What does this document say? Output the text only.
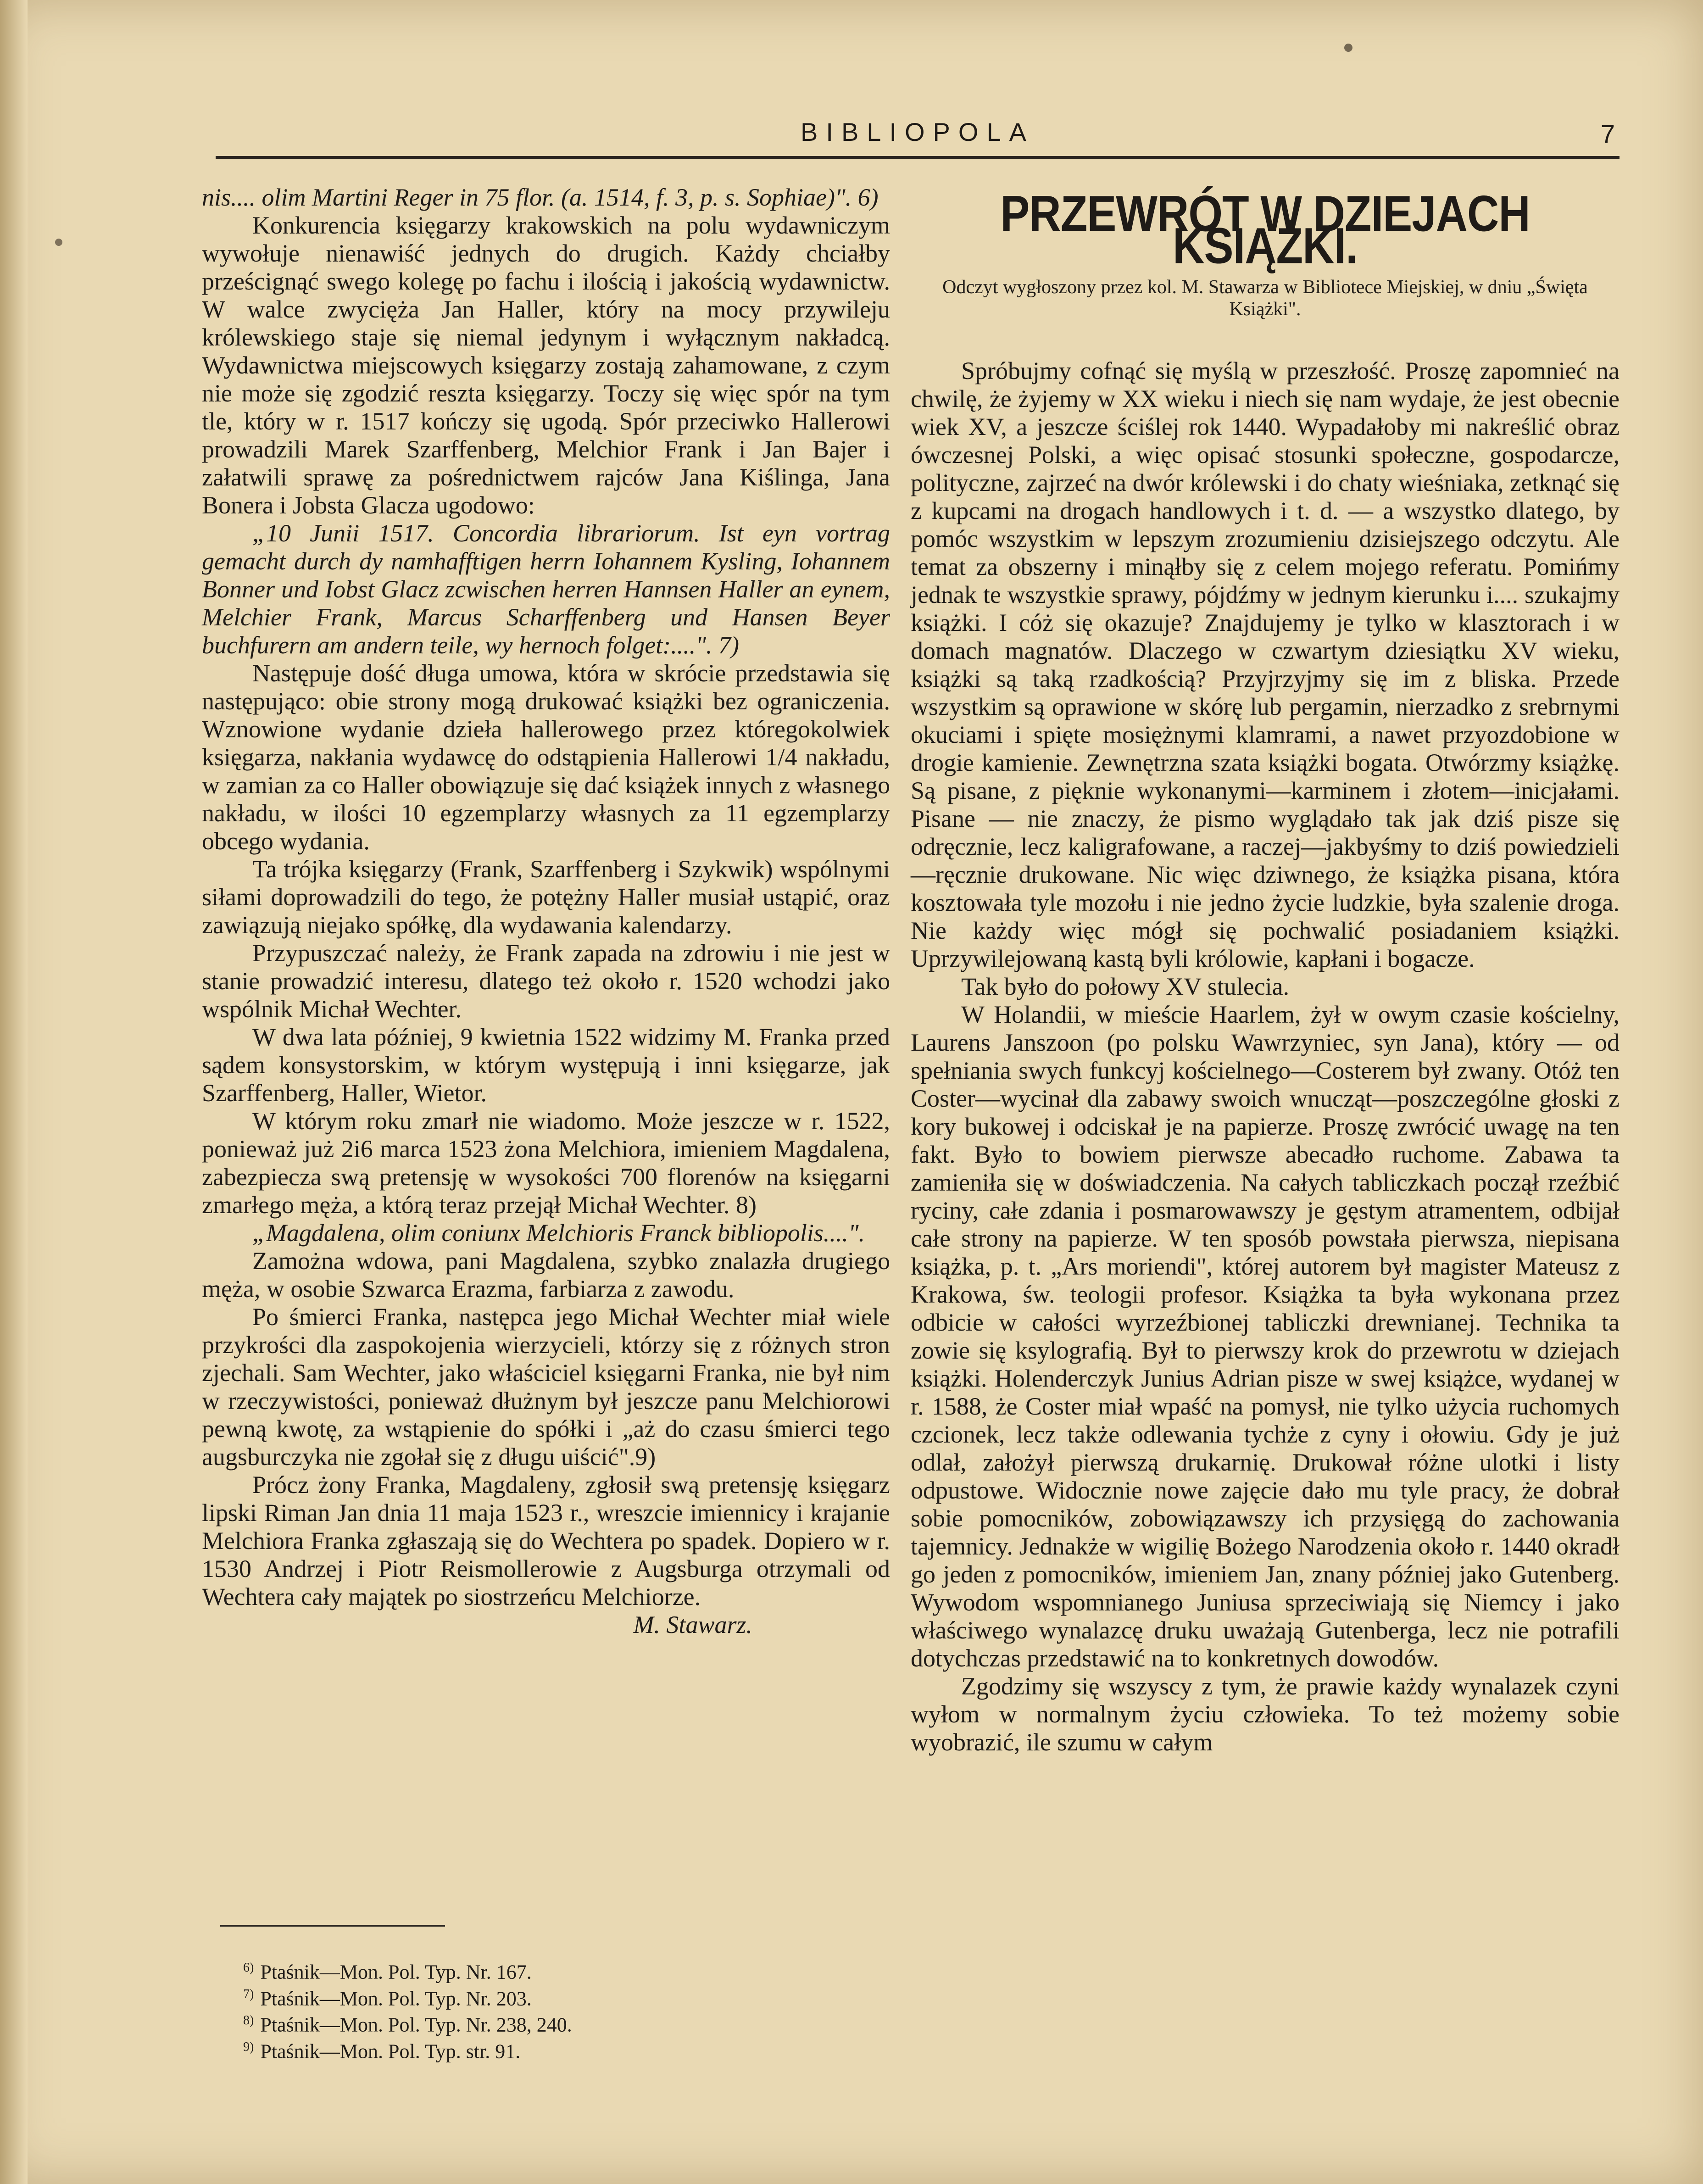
BIBLIOPOLA	7

nis.... olim Martini Reger in 75 flor. (a. 1514, f. 3, p. s. Sophiae)". 6)

Konkurencia księgarzy krakowskich na polu wydawniczym wywołuje nienawiść jednych do drugich. Każdy chciałby prześcignąć swego kolegę po fachu i ilością i jakością wydawnictw. W walce zwycięża Jan Haller, który na mocy przywileju królewskiego staje się niemal jedynym i wyłącznym nakładcą. Wydawnictwa miejscowych księgarzy zostają zahamowane, z czym nie może się zgodzić reszta księgarzy. Toczy się więc spór na tym tle, który w r. 1517 kończy się ugodą. Spór przeciwko Hallerowi prowadzili Marek Szarffenberg, Melchior Frank i Jan Bajer i załatwili sprawę za pośrednictwem rajców Jana Kiślinga, Jana Bonera i Jobsta Glacza ugodowo:

„10 Junii 1517. Concordia librariorum. Ist eyn vortrag gemacht durch dy namhafftigen herrn Iohannem Kysling, Iohannem Bonner und Iobst Glacz zcwischen herren Hannsen Haller an eynem, Melchier Frank, Marcus Scharffenberg und Hansen Beyer buchfurern am andern teile, wy hernoch folget:....". 7)

Następuje dość długa umowa, która w skrócie przedstawia się następująco: obie strony mogą drukować książki bez ograniczenia. Wznowione wydanie dzieła hallerowego przez któregokolwiek księgarza, nakłania wydawcę do odstąpienia Hallerowi 1/4 nakładu, w zamian za co Haller obowiązuje się dać książek innych z własnego nakładu, w ilości 10 egzemplarzy własnych za 11 egzemplarzy obcego wydania.

Ta trójka księgarzy (Frank, Szarffenberg i Szykwik) wspólnymi siłami doprowadzili do tego, że potężny Haller musiał ustąpić, oraz zawiązują niejako spółkę, dla wydawania kalendarzy.

Przypuszczać należy, że Frank zapada na zdrowiu i nie jest w stanie prowadzić interesu, dlatego też około r. 1520 wchodzi jako wspólnik Michał Wechter.

W dwa lata później, 9 kwietnia 1522 widzimy M. Franka przed sądem konsystorskim, w którym występują i inni księgarze, jak Szarffenberg, Haller, Wietor.

W którym roku zmarł nie wiadomo. Może jeszcze w r. 1522, ponieważ już 2i6 marca 1523 żona Melchiora, imieniem Magdalena, zabezpiecza swą pretensję w wysokości 700 florenów na księgarni zmarłego męża, a którą teraz przejął Michał Wechter. 8)

„Magdalena, olim coniunx Melchioris Franck bibliopolis....".

Zamożna wdowa, pani Magdalena, szybko znalazła drugiego męża, w osobie Szwarca Erazma, farbiarza z zawodu.

Po śmierci Franka, następca jego Michał Wechter miał wiele przykrości dla zaspokojenia wierzycieli, którzy się z różnych stron zjechali. Sam Wechter, jako właściciel księgarni Franka, nie był nim w rzeczywistości, ponieważ dłużnym był jeszcze panu Melchiorowi pewną kwotę, za wstąpienie do spółki i „aż do czasu śmierci tego augsburczyka nie zgołał się z długu uiścić".9)

Prócz żony Franka, Magdaleny, zgłosił swą pretensję księgarz lipski Riman Jan dnia 11 maja 1523 r., wreszcie imiennicy i krajanie Melchiora Franka zgłaszają się do Wechtera po spadek. Dopiero w r. 1530 Andrzej i Piotr Reismollerowie z Augsburga otrzymali od Wechtera cały majątek po siostrzeńcu Melchiorze.

M. Stawarz.

$^{6)}$ Ptaśnik—Mon. Pol. Typ. Nr. 167.
$^{7)}$ Ptaśnik—Mon. Pol. Typ. Nr. 203.
$^{8)}$ Ptaśnik—Mon. Pol. Typ. Nr. 238, 240.
$^{9)}$ Ptaśnik—Mon. Pol. Typ. str. 91.
PRZEWRÓT W DZIEJACH KSIĄŻKI.
Odczyt wygłoszony przez kol. M. Stawarza w Bibliotece Miejskiej, w dniu „Święta Książki".

Spróbujmy cofnąć się myślą w przeszłość. Proszę zapomnieć na chwilę, że żyjemy w XX wieku i niech się nam wydaje, że jest obecnie wiek XV, a jeszcze ściślej rok 1440. Wypadałoby mi nakreślić obraz ówczesnej Polski, a więc opisać stosunki społeczne, gospodarcze, polityczne, zajrzeć na dwór królewski i do chaty wieśniaka, zetknąć się z kupcami na drogach handlowych i t. d. — a wszystko dlatego, by pomóc wszystkim w lepszym zrozumieniu dzisiejszego odczytu. Ale temat za obszerny i minąłby się z celem mojego referatu. Pomińmy jednak te wszystkie sprawy, pójdźmy w jednym kierunku i.... szukajmy książki. I cóż się okazuje? Znajdujemy je tylko w klasztorach i w domach magnatów. Dlaczego w czwartym dziesiątku XV wieku, książki są taką rzadkością? Przyjrzyjmy się im z bliska. Przede wszystkim są oprawione w skórę lub pergamin, nierzadko z srebrnymi okuciami i spięte mosiężnymi klamrami, a nawet przyozdobione w drogie kamienie. Zewnętrzna szata książki bogata. Otwórzmy książkę. Są pisane, z pięknie wykonanymi—karminem i złotem—inicjałami. Pisane — nie znaczy, że pismo wyglądało tak jak dziś pisze się odręcznie, lecz kaligrafowane, a raczej—jakbyśmy to dziś powiedzieli—ręcznie drukowane. Nic więc dziwnego, że książka pisana, która kosztowała tyle mozołu i nie jedno życie ludzkie, była szalenie droga. Nie każdy więc mógł się pochwalić posiadaniem książki. Uprzywilejowaną kastą byli królowie, kapłani i bogacze.

Tak było do połowy XV stulecia.

W Holandii, w mieście Haarlem, żył w owym czasie kościelny, Laurens Janszoon (po polsku Wawrzyniec, syn Jana), który — od spełniania swych funkcyj kościelnego—Costerem był zwany. Otóż ten Coster—wycinał dla zabawy swoich wnucząt—poszczególne głoski z kory bukowej i odciskał je na papierze. Proszę zwrócić uwagę na ten fakt. Było to bowiem pierwsze abecadło ruchome. Zabawa ta zamieniła się w doświadczenia. Na całych tabliczkach począł rzeźbić ryciny, całe zdania i posmarowawszy je gęstym atramentem, odbijał całe strony na papierze. W ten sposób powstała pierwsza, niepisana książka, p. t. „Ars moriendi", której autorem był magister Mateusz z Krakowa, św. teologii profesor. Książka ta była wykonana przez odbicie w całości wyrzeźbionej tabliczki drewnianej. Technika ta zowie się ksylografią. Był to pierwszy krok do przewrotu w dziejach książki. Holenderczyk Junius Adrian pisze w swej książce, wydanej w r. 1588, że Coster miał wpaść na pomysł, nie tylko użycia ruchomych czcionek, lecz także odlewania tychże z cyny i ołowiu. Gdy je już odlał, założył pierwszą drukarnię. Drukował różne ulotki i listy odpustowe. Widocznie nowe zajęcie dało mu tyle pracy, że dobrał sobie pomocników, zobowiązawszy ich przysięgą do zachowania tajemnicy. Jednakże w wigilię Bożego Narodzenia około r. 1440 okradł go jeden z pomocników, imieniem Jan, znany później jako Gutenberg. Wywodom wspomnianego Juniusa sprzeciwiają się Niemcy i jako właściwego wynalazcę druku uważają Gutenberga, lecz nie potrafili dotychczas przedstawić na to konkretnych dowodów.

Zgodzimy się wszyscy z tym, że prawie każdy wynalazek czyni wyłom w normalnym życiu człowieka. To też możemy sobie wyobrazić, ile szumu w całym
